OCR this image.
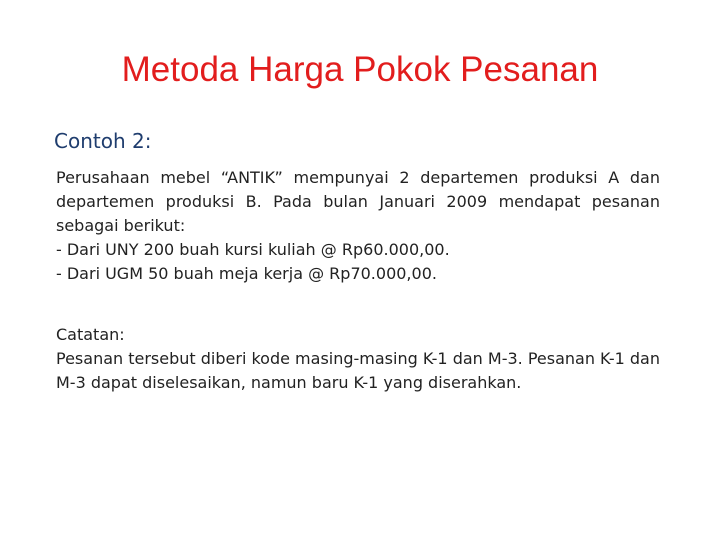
Metoda Harga Pokok Pesanan

Contoh 2:

Perusahaan mebel “ANTIK” mempunyai 2 departemen produksi A dan departemen produksi B. Pada bulan Januari 2009 mendapat pesanan sebagai berikut:

- Dari UNY 200 buah kursi kuliah @ Rp60.000,00.
- Dari UGM 50 buah meja kerja @ Rp70.000,00.
Catatan:

Pesanan tersebut diberi kode masing-masing K-1 dan M-3. Pesanan K-1 dan M-3 dapat diselesaikan, namun baru K-1 yang diserahkan.
